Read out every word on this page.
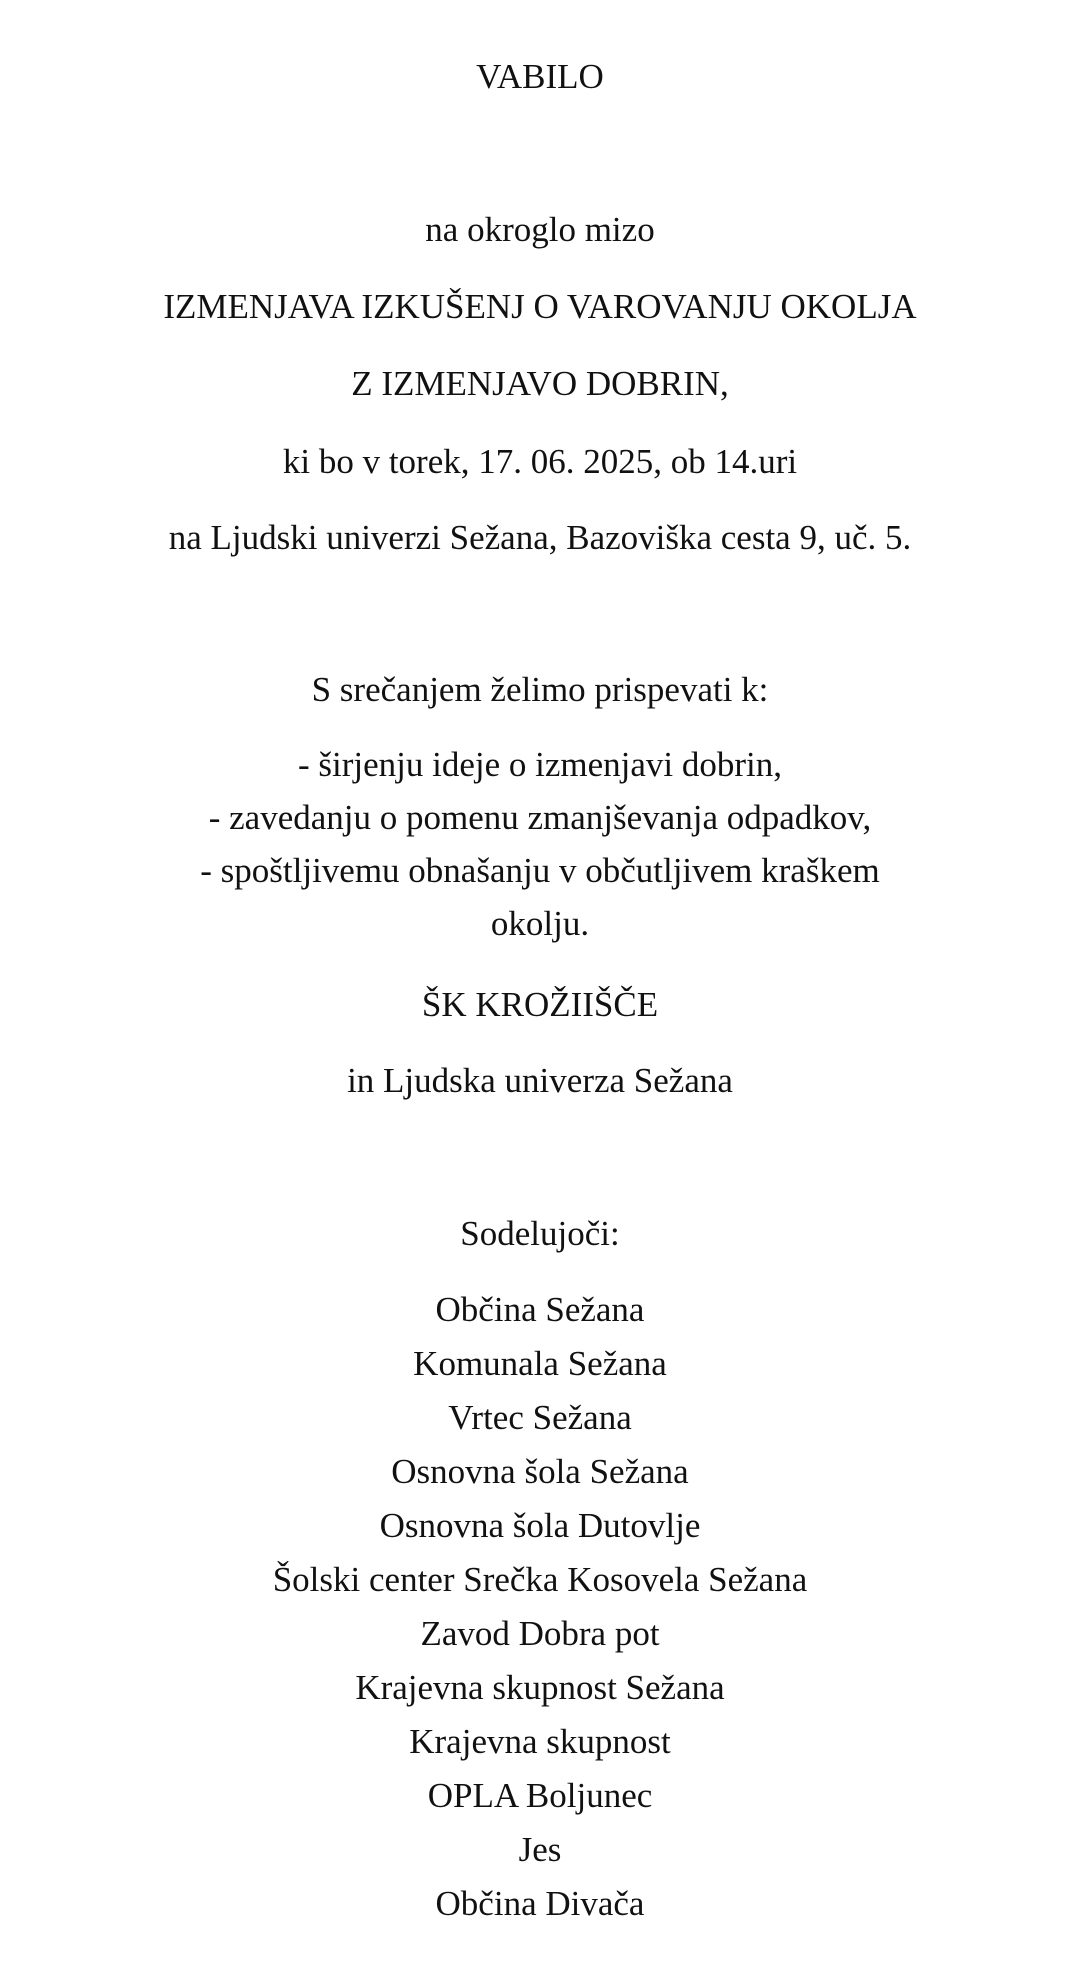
VABILO
na okroglo mizo
IZMENJAVA IZKUŠENJ O VAROVANJU OKOLJA
Z IZMENJAVO DOBRIN,
ki bo v torek, 17. 06. 2025, ob 14.uri
na Ljudski univerzi Sežana, Bazoviška cesta 9, uč. 5.
S srečanjem želimo prispevati k:
- širjenju ideje o izmenjavi dobrin,
- zavedanju o pomenu zmanjševanja odpadkov,
- spoštljivemu obnašanju v občutljivem kraškem
okolju.
ŠK KROŽIIŠČE
in Ljudska univerza Sežana
Sodelujoči:
Občina Sežana
Komunala Sežana
Vrtec Sežana
Osnovna šola Sežana
Osnovna šola Dutovlje
Šolski center Srečka Kosovela Sežana
Zavod Dobra pot
Krajevna skupnost Sežana
Krajevna skupnost
OPLA Boljunec
Jes
Občina Divača
